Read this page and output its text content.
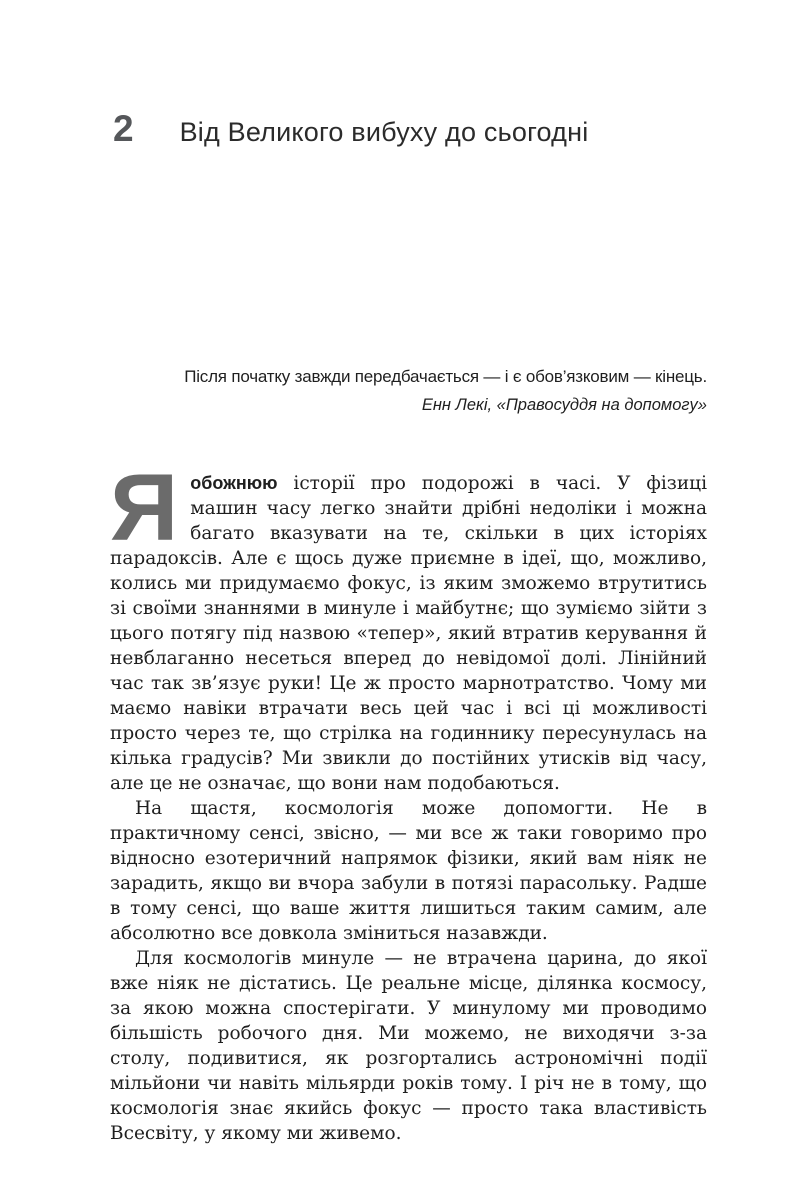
2 Від Великого вибуху до сьогодні

Після початку завжди передбачається — і є обов’язковим — кінець.

Енн Лекі, «Правосуддя на допомогу»

Яобожнюю історії про подорожі в часі. У фізиці машин часу легко знайти дрібні недоліки і можна багато вказувати на те, скільки в цих історіях парадоксів. Але є щось дуже приємне в ідеї, що, можливо, колись ми придумаємо фокус, із яким зможемо втрутитись зі своїми знаннями в минуле і майбутнє; що зуміємо зійти з цього потягу під назвою «тепер», який втратив керування й невблаганно несеться вперед до невідомої долі. Лінійний час так зв’язує руки! Це ж просто марнотратство. Чому ми маємо навіки втрачати весь цей час і всі ці можливості просто через те, що стрілка на годиннику пересунулась на кілька градусів? Ми звикли до постійних утисків від часу, але це не означає, що вони нам подобаються.

На щастя, космологія може допомогти. Не в практичному сенсі, звісно, — ми все ж таки говоримо про відносно езотеричний напрямок фізики, який вам ніяк не зарадить, якщо ви вчора забули в потязі парасольку. Радше в тому сенсі, що ваше життя лишиться таким самим, але абсолютно все довкола зміниться назавжди.

Для космологів минуле — не втрачена царина, до якої вже ніяк не дістатись. Це реальне місце, ділянка космосу, за якою можна спостерігати. У минулому ми проводимо більшість робочого дня. Ми можемо, не виходячи з-за столу, подивитися, як розгортались астрономічні події мільйони чи навіть мільярди років тому. І річ не в тому, що космологія знає якийсь фокус — просто така властивість Всесвіту, у якому ми живемо.
